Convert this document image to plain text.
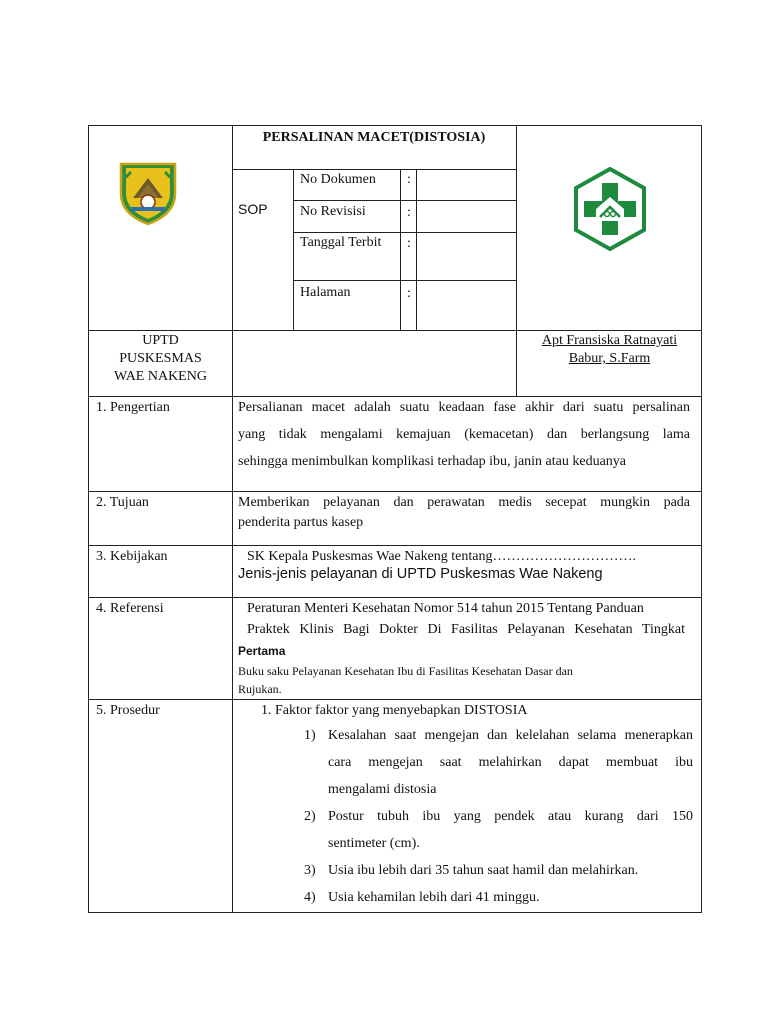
PERSALINAN MACET(DISTOSIA)
SOP
No Dokumen :
No Revisisi	:
Tanggal Terbit :
Halaman	:
UPTD
PUSKESMAS
WAE NAKENG
Apt Fransiska Ratnayati
Babur, S.Farm
1. Pengertian	Persalianan macet adalah suatu keadaan fase akhir dari suatu persalinan
yang tidak mengalami kemajuan (kemacetan) dan berlangsung lama
sehingga menimbulkan komplikasi terhadap ibu, janin atau keduanya
2. Tujuan	Memberikan pelayanan dan perawatan medis secepat mungkin pada
penderita partus kasep
3. Kebijakan	SK Kepala Puskesmas Wae Nakeng tentang………………………….
Jenis-jenis pelayanan di UPTD Puskesmas Wae Nakeng
4. Referensi	Peraturan Menteri Kesehatan Nomor 514 tahun 2015 Tentang Panduan
Praktek Klinis Bagi Dokter Di Fasilitas Pelayanan Kesehatan Tingkat
Pertama
Buku saku Pelayanan Kesehatan Ibu di Fasilitas Kesehatan Dasar dan
Rujukan.
5. Prosedur	1. Faktor faktor yang menyebapkan DISTOSIA
1) Kesalahan saat mengejan dan kelelahan selama menerapkan
cara mengejan saat melahirkan dapat membuat ibu
mengalami distosia
2) Postur tubuh ibu yang pendek atau kurang dari 150
sentimeter (cm).
3) Usia ibu lebih dari 35 tahun saat hamil dan melahirkan.
4) Usia kehamilan lebih dari 41 minggu.
